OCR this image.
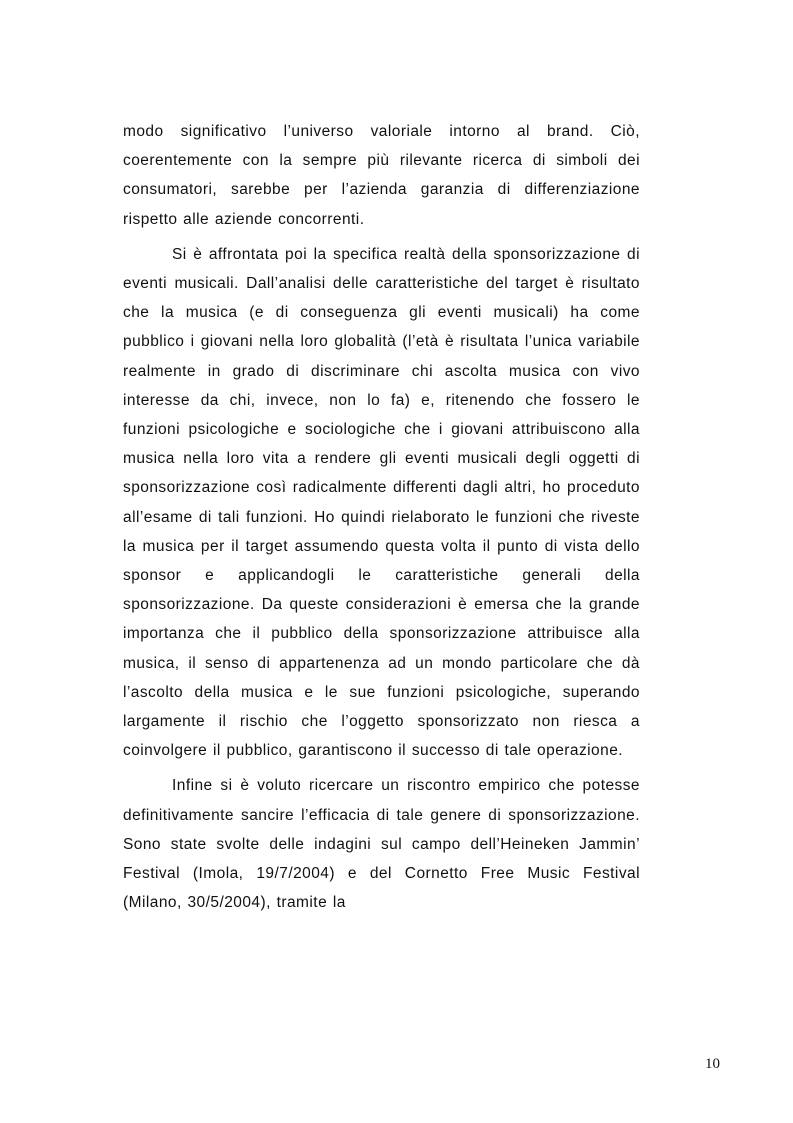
modo significativo l’universo valoriale intorno al brand. Ciò, coerentemente con la sempre più rilevante ricerca di simboli dei consumatori, sarebbe per l’azienda garanzia di differenziazione rispetto alle aziende concorrenti.

Si è affrontata poi la specifica realtà della sponsorizzazione di eventi musicali. Dall’analisi delle caratteristiche del target è risultato che la musica (e di conseguenza gli eventi musicali) ha come pubblico i giovani nella loro globalità (l’età è risultata l’unica variabile realmente in grado di discriminare chi ascolta musica con vivo interesse da chi, invece, non lo fa) e, ritenendo che fossero le funzioni psicologiche e sociologiche che i giovani attribuiscono alla musica nella loro vita a rendere gli eventi musicali degli oggetti di sponsorizzazione così radicalmente differenti dagli altri, ho proceduto all’esame di tali funzioni. Ho quindi rielaborato le funzioni che riveste la musica per il target assumendo questa volta il punto di vista dello sponsor e applicandogli le caratteristiche generali della sponsorizzazione. Da queste considerazioni è emersa che la grande importanza che il pubblico della sponsorizzazione attribuisce alla musica, il senso di appartenenza ad un mondo particolare che dà l’ascolto della musica e le sue funzioni psicologiche, superando largamente il rischio che l’oggetto sponsorizzato non riesca a coinvolgere il pubblico, garantiscono il successo di tale operazione.

Infine si è voluto ricercare un riscontro empirico che potesse definitivamente sancire l’efficacia di tale genere di sponsorizzazione. Sono state svolte delle indagini sul campo dell’Heineken Jammin’ Festival (Imola, 19/7/2004) e del Cornetto Free Music Festival (Milano, 30/5/2004), tramite la

10
